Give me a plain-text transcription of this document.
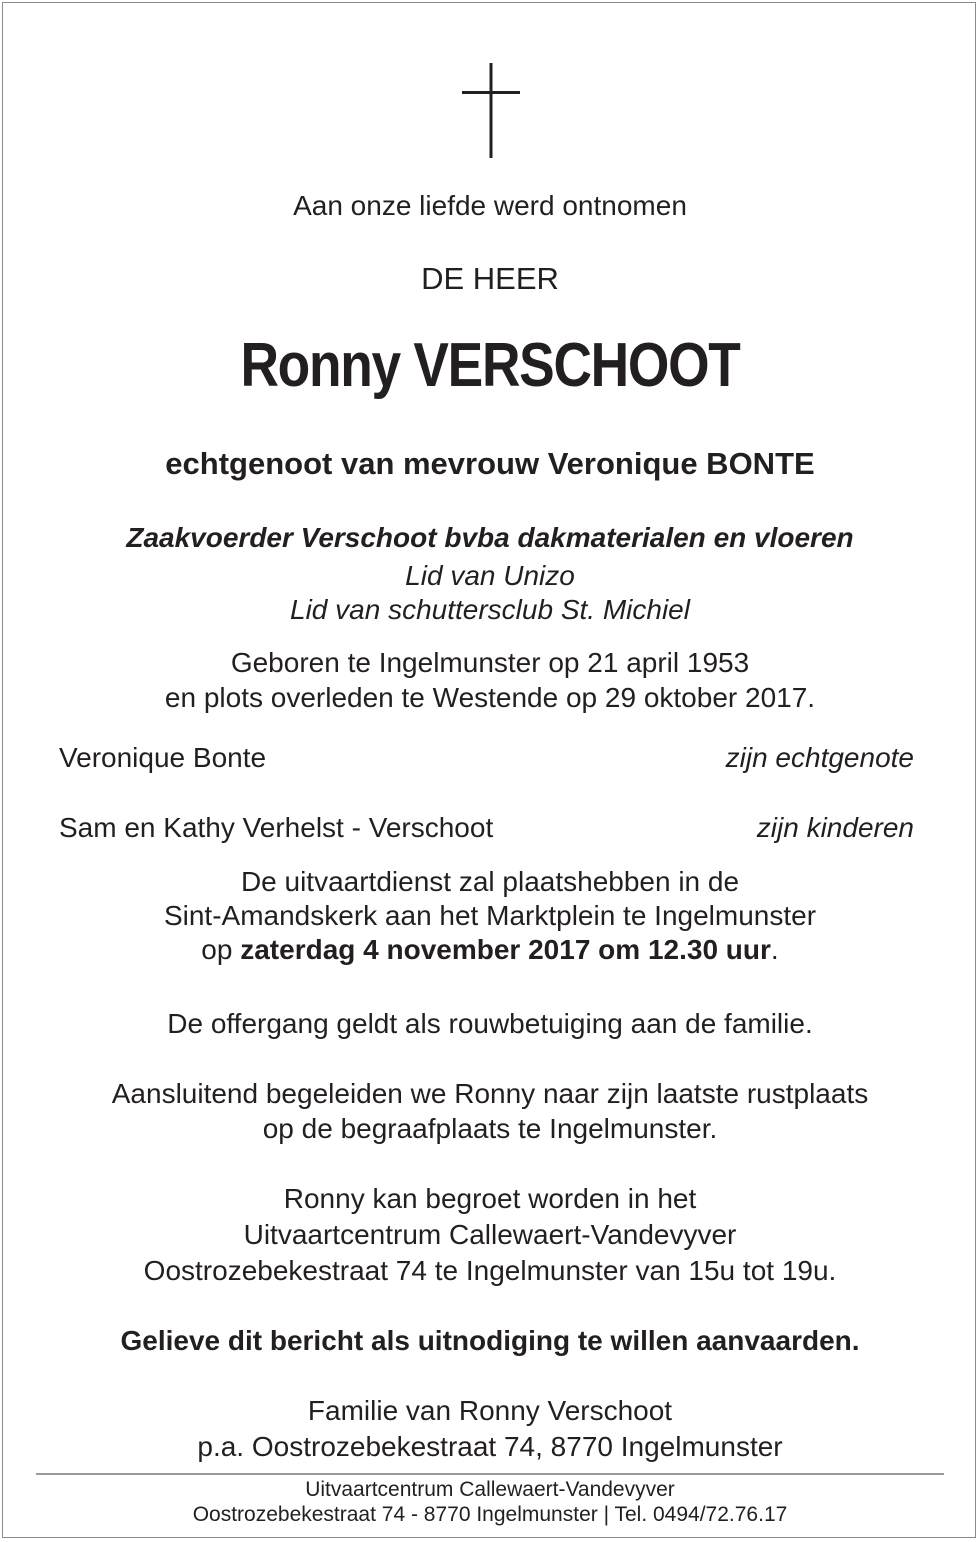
Aan onze liefde werd ontnomen
DE HEER
Ronny VERSCHOOT
echtgenoot van mevrouw Veronique BONTE
Zaakvoerder Verschoot bvba dakmaterialen en vloeren
Lid van Unizo
Lid van schuttersclub St. Michiel
Geboren te Ingelmunster op 21 april 1953
en plots overleden te Westende op 29 oktober 2017.
Veronique Bonte	zijn echtgenote
Sam en Kathy Verhelst - Verschoot	zijn kinderen
De uitvaartdienst zal plaatshebben in de
Sint-Amandskerk aan het Marktplein te Ingelmunster
op zaterdag 4 november 2017 om 12.30 uur.
De offergang geldt als rouwbetuiging aan de familie.
Aansluitend begeleiden we Ronny naar zijn laatste rustplaats
op de begraafplaats te Ingelmunster.
Ronny kan begroet worden in het
Uitvaartcentrum Callewaert-Vandevyver
Oostrozebekestraat 74 te Ingelmunster van 15u tot 19u.
Gelieve dit bericht als uitnodiging te willen aanvaarden.
Familie van Ronny Verschoot
p.a. Oostrozebekestraat 74, 8770 Ingelmunster
Uitvaartcentrum Callewaert-Vandevyver
Oostrozebekestraat 74 - 8770 Ingelmunster | Tel. 0494/72.76.17
